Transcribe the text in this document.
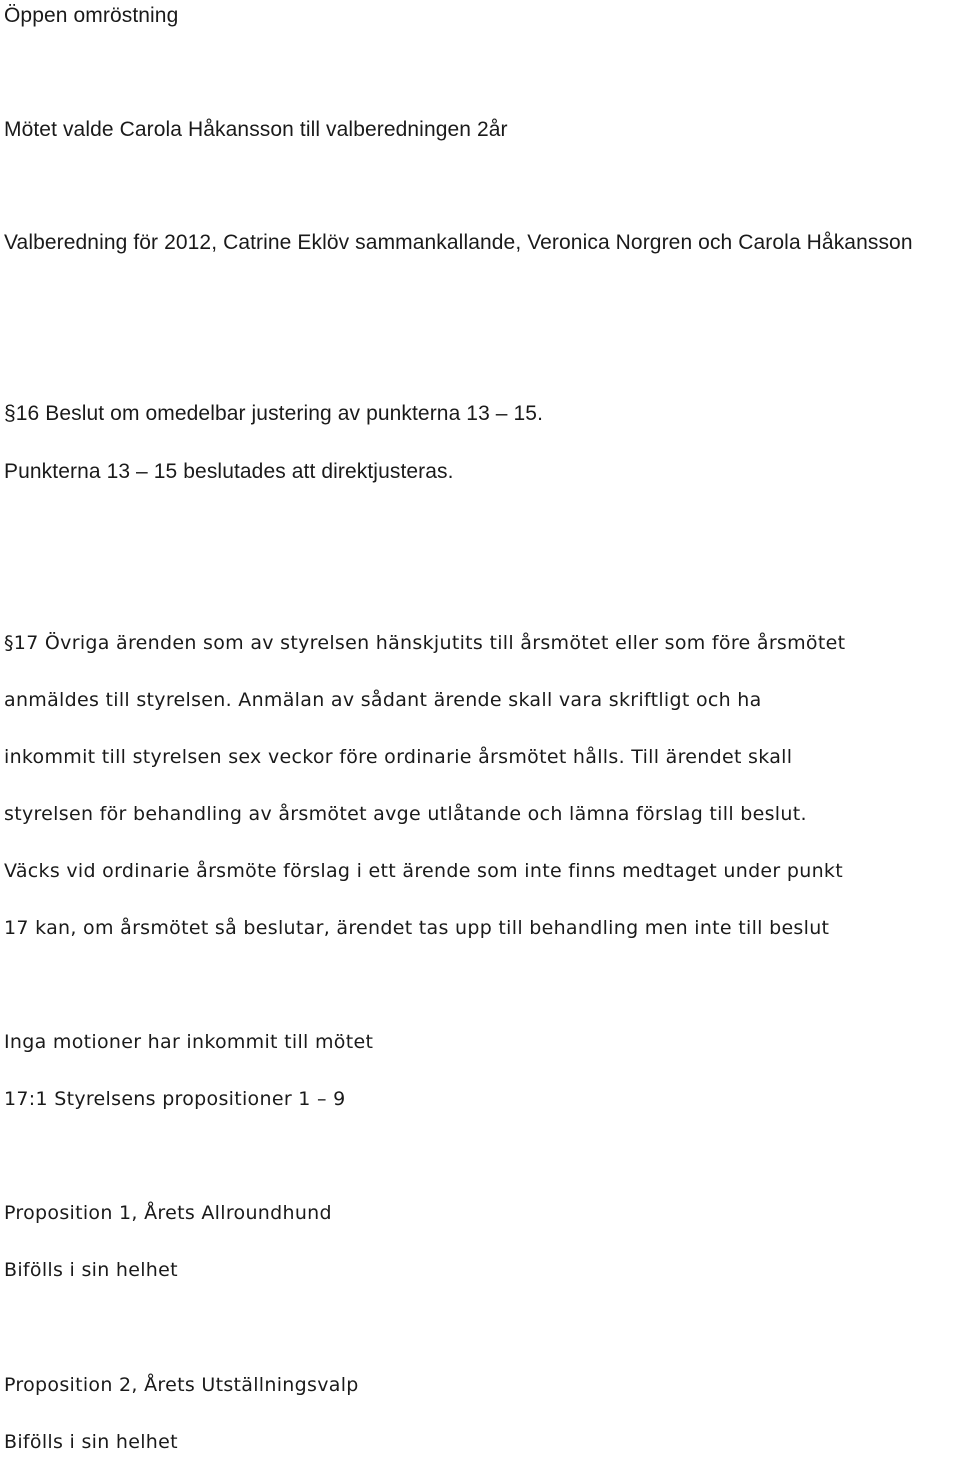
Öppen omröstning
Mötet valde Carola Håkansson till valberedningen 2år
Valberedning för 2012, Catrine Eklöv sammankallande, Veronica Norgren och Carola Håkansson
§16 Beslut om omedelbar justering av punkterna 13 – 15.
Punkterna 13 – 15 beslutades att direktjusteras.
§17 Övriga ärenden som av styrelsen hänskjutits till årsmötet eller som före årsmötet
anmäldes till styrelsen. Anmälan av sådant ärende skall vara skriftligt och ha
inkommit till styrelsen sex veckor före ordinarie årsmötet hålls. Till ärendet skall
styrelsen för behandling av årsmötet avge utlåtande och lämna förslag till beslut.
Väcks vid ordinarie årsmöte förslag i ett ärende som inte finns medtaget under punkt
17 kan, om årsmötet så beslutar, ärendet tas upp till behandling men inte till beslut
Inga motioner har inkommit till mötet
17:1 Styrelsens propositioner 1 – 9
Proposition 1, Årets Allroundhund
Bifölls i sin helhet
Proposition 2, Årets Utställningsvalp
Bifölls i sin helhet
